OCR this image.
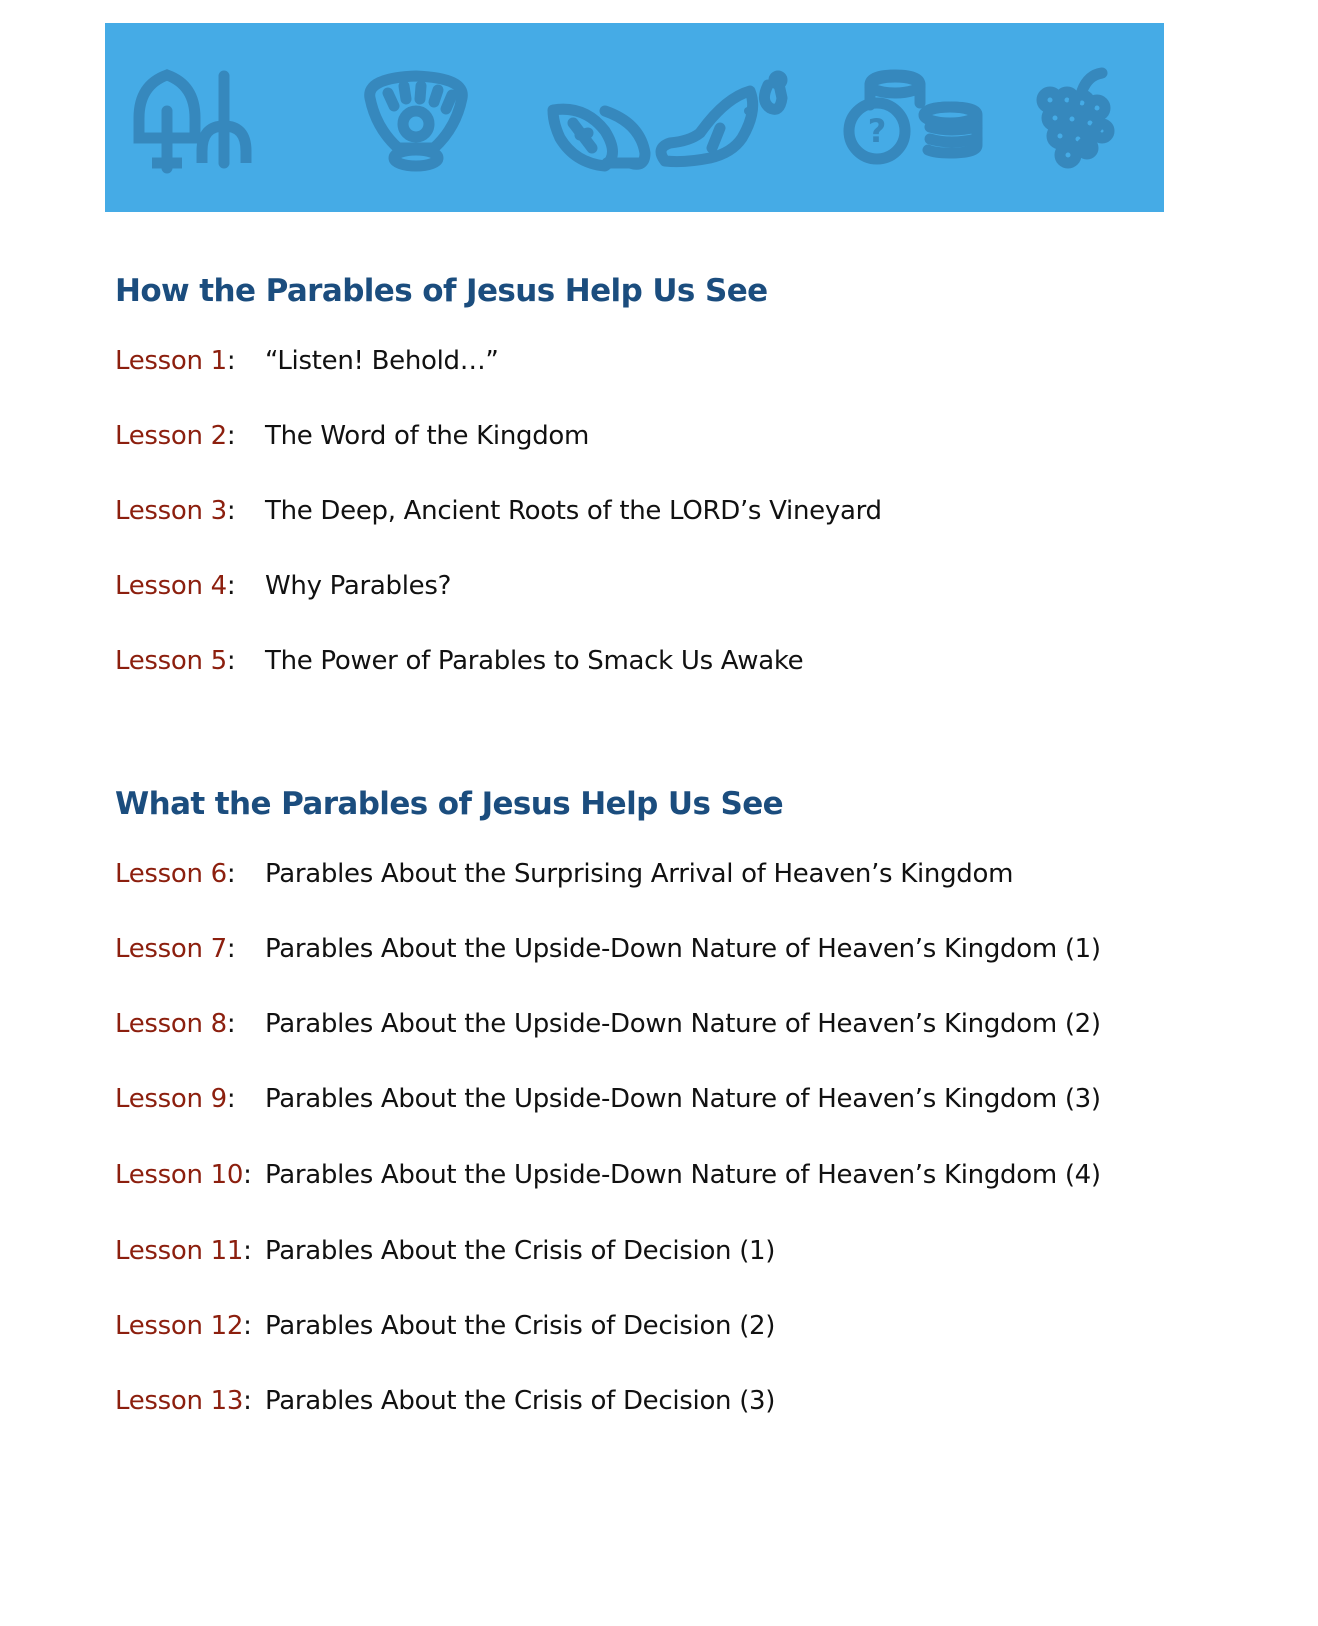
?
How the Parables of Jesus Help Us See
Lesson 1: “Listen! Behold…”
Lesson 2: The Word of the Kingdom
Lesson 3: The Deep, Ancient Roots of the LORD’s Vineyard
Lesson 4: Why Parables?
Lesson 5: The Power of Parables to Smack Us Awake
What the Parables of Jesus Help Us See
Lesson 6: Parables About the Surprising Arrival of Heaven’s Kingdom
Lesson 7: Parables About the Upside-Down Nature of Heaven’s Kingdom (1)
Lesson 8: Parables About the Upside-Down Nature of Heaven’s Kingdom (2)
Lesson 9: Parables About the Upside-Down Nature of Heaven’s Kingdom (3)
Lesson 10: Parables About the Upside-Down Nature of Heaven’s Kingdom (4)
Lesson 11: Parables About the Crisis of Decision (1)
Lesson 12: Parables About the Crisis of Decision (2)
Lesson 13: Parables About the Crisis of Decision (3)
